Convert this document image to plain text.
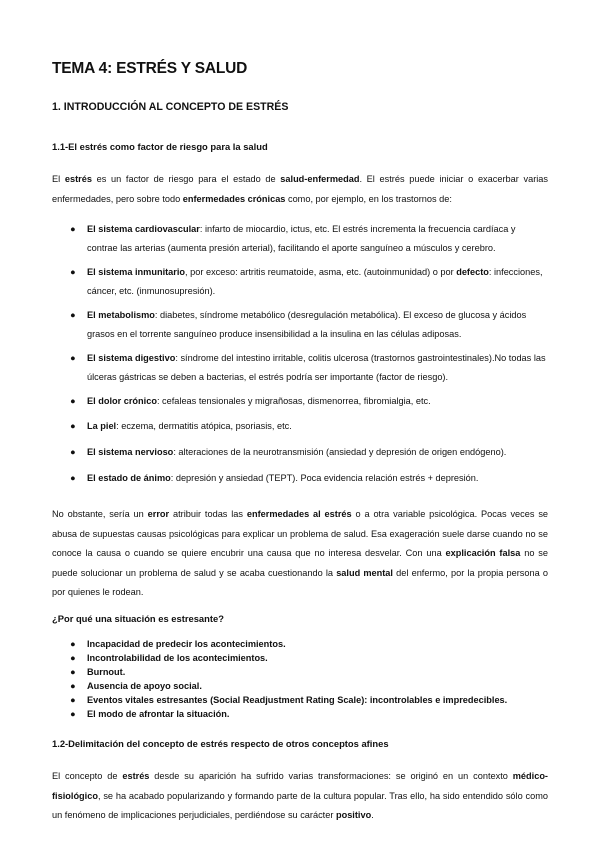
TEMA 4: ESTRÉS Y SALUD
1. INTRODUCCIÓN AL CONCEPTO DE ESTRÉS
1.1-El estrés como factor de riesgo para la salud
El estrés es un factor de riesgo para el estado de salud-enfermedad. El estrés puede iniciar o exacerbar varias enfermedades, pero sobre todo enfermedades crónicas como, por ejemplo, en los trastornos de:
●	El sistema cardiovascular: infarto de miocardio, ictus, etc. El estrés incrementa la frecuencia cardíaca y contrae las arterias (aumenta presión arterial), facilitando el aporte sanguíneo a músculos y cerebro.
●	El sistema inmunitario, por exceso: artritis reumatoide, asma, etc. (autoinmunidad) o por defecto: infecciones, cáncer, etc. (inmunosupresión).
●	El metabolismo: diabetes, síndrome metabólico (desregulación metabólica). El exceso de glucosa y ácidos grasos en el torrente sanguíneo produce insensibilidad a la insulina en las células adiposas.
●	El sistema digestivo: síndrome del intestino irritable, colitis ulcerosa (trastornos gastrointestinales).No todas las úlceras gástricas se deben a bacterias, el estrés podría ser importante (factor de riesgo).
●	El dolor crónico: cefaleas tensionales y migrañosas, dismenorrea, fibromialgia, etc.
●	La piel: eczema, dermatitis atópica, psoriasis, etc.
●	El sistema nervioso: alteraciones de la neurotransmisión (ansiedad y depresión de origen endógeno).
●	El estado de ánimo: depresión y ansiedad (TEPT). Poca evidencia relación estrés + depresión.
No obstante, sería un error atribuir todas las enfermedades al estrés o a otra variable psicológica. Pocas veces se abusa de supuestas causas psicológicas para explicar un problema de salud. Esa exageración suele darse cuando no se conoce la causa o cuando se quiere encubrir una causa que no interesa desvelar. Con una explicación falsa no se puede solucionar un problema de salud y se acaba cuestionando la salud mental del enfermo, por la propia persona o por quienes le rodean.
¿Por qué una situación es estresante?
● Incapacidad de predecir los acontecimientos.
● Incontrolabilidad de los acontecimientos.
● Burnout.
● Ausencia de apoyo social.
● Eventos vitales estresantes (Social Readjustment Rating Scale): incontrolables e impredecibles.
● El modo de afrontar la situación.
1.2-Delimitación del concepto de estrés respecto de otros conceptos afines
El concepto de estrés desde su aparición ha sufrido varias transformaciones: se originó en un contexto médico-fisiológico, se ha acabado popularizando y formando parte de la cultura popular. Tras ello, ha sido entendido sólo como un fenómeno de implicaciones perjudiciales, perdiéndose su carácter positivo.
